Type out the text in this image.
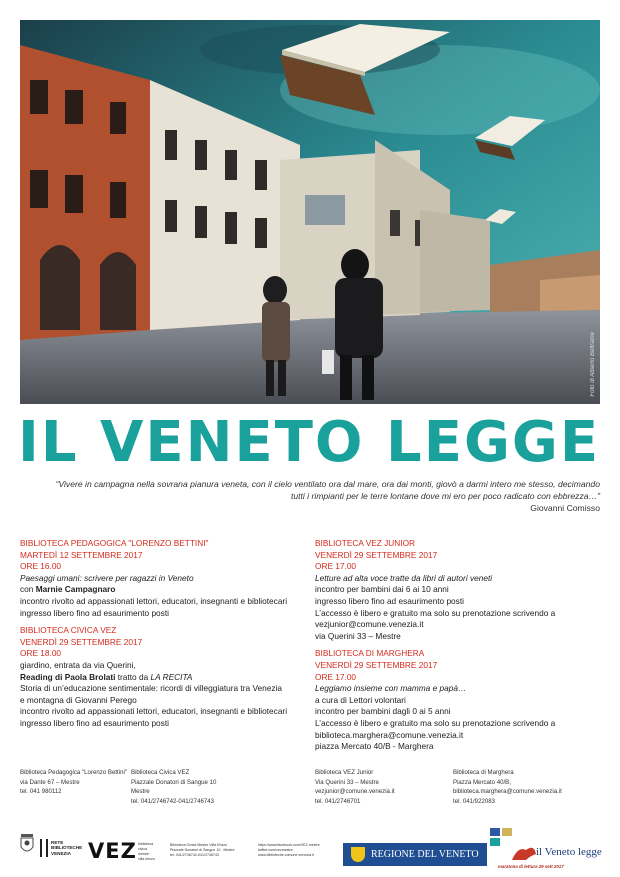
Foto di Alberto Beltrame
IL VENETO LEGGE
“Vivere in campagna nella sovrana pianura veneta, con il cielo ventilato ora dal mare, ora dai monti, giovò a darmi intero me stesso, decimando
tutti i rimpianti per le terre lontane dove mi ero per poco radicato con ebbrezza…”
Giovanni Comisso
BIBLIOTECA PEDAGOGICA "LORENZO BETTINI"
MARTEDÌ 12 SETTEMBRE 2017
ORE 16.00
Paesaggi umani: scrivere per ragazzi in Veneto
con Marnie Campagnaro
incontro rivolto ad appassionati lettori, educatori, insegnanti e bibliotecari
ingresso libero fino ad esaurimento posti
BIBLIOTECA CIVICA VEZ
VENERDÌ 29 SETTEMBRE 2017
ORE 18.00
giardino, entrata da via Querini,
Reading di Paola Brolati tratto da LA RECITA
Storia di un’educazione sentimentale: ricordi di villeggiatura tra Venezia
e montagna di Giovanni Perego
incontro rivolto ad appassionati lettori, educatori, insegnanti e bibliotecari
ingresso libero fino ad esaurimento posti
BIBLIOTECA VEZ JUNIOR
VENERDÌ 29 SETTEMBRE 2017
ORE 17.00
Letture ad alta voce tratte da libri di autori veneti
incontro per bambini dai 6 ai 10 anni
ingresso libero fino ad esaurimento posti
L’accesso è libero e gratuito ma solo su prenotazione scrivendo a
vezjunior@comune.venezia.it
via Querini 33 – Mestre
BIBLIOTECA DI MARGHERA
VENERDÌ 29 SETTEMBRE 2017
ORE 17.00
Leggiamo insieme con mamma e papà…
a cura di Lettori volontari
incontro per bambini dagli 0 ai 5 anni
L’accesso è libero e gratuito ma solo su prenotazione scrivendo a
biblioteca.marghera@comune.venezia.it
piazza Mercato 40/B - Marghera
Biblioteca Pedagogica "Lorenzo Bettini"
via Dante 67 – Mestre
tel. 041 980112
Biblioteca Civica VEZ
Piazzale Donatori di Sangue 10
Mestre
tel. 041/2746742-041/2746743
Biblioteca VEZ Junior
Via Querini 33 – Mestre
vezjunior@comune.venezia.it
tel. 041/2746701
Biblioteca di Marghera
Piazza Mercato 40/B,
biblioteca.marghera@comune.venezia.it
tel. 041/922083
RETE
BIBLIOTECHE
VENEZIA VEZ biblioteca
civica
mestre
villa erizzo
Biblioteca Civica Mestre Villa Erizzo
Piazzale Donatori di Sangue 10 - Mestre
tel. 041/2746742-041/2746743
https://www.facebook.com/VEZ.mestre
twitter.com/vezmestre
www.biblioteche.comune.venezia.it	REGIONE DEL VENETO	il Veneto legge
maratona di lettura 29 sett 2017
